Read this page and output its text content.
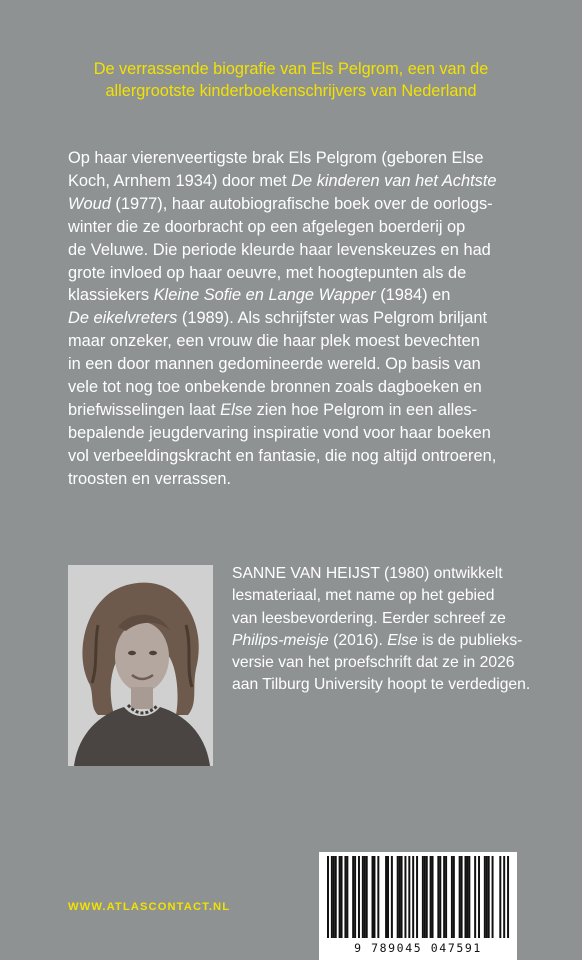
De verrassende biografie van Els Pelgrom, een van de
allergrootste kinderboekenschrijvers van Nederland
Op haar vierenveertigste brak Els Pelgrom (geboren Else
Koch, Arnhem 1934) door met De kinderen van het Achtste
Woud (1977), haar autobiografische boek over de oorlogs-
winter die ze doorbracht op een afgelegen boerderij op
de Veluwe. Die periode kleurde haar levenskeuzes en had
grote invloed op haar oeuvre, met hoogtepunten als de
klassiekers Kleine Sofie en Lange Wapper (1984) en
De eikelvreters (1989). Als schrijfster was Pelgrom briljant
maar onzeker, een vrouw die haar plek moest bevechten
in een door mannen gedomineerde wereld. Op basis van
vele tot nog toe onbekende bronnen zoals dagboeken en
briefwisselingen laat Else zien hoe Pelgrom in een alles-
bepalende jeugdervaring inspiratie vond voor haar boeken
vol verbeeldingskracht en fantasie, die nog altijd ontroeren,
troosten en verrassen.
SANNE VAN HEIJST (1980) ontwikkelt
lesmateriaal, met name op het gebied
van leesbevordering. Eerder schreef ze
Philips-meisje (2016). Else is de publieks-
versie van het proefschrift dat ze in 2026
aan Tilburg University hoopt te verdedigen.
WWW.ATLASCONTACT.NL
9 789045 047591
